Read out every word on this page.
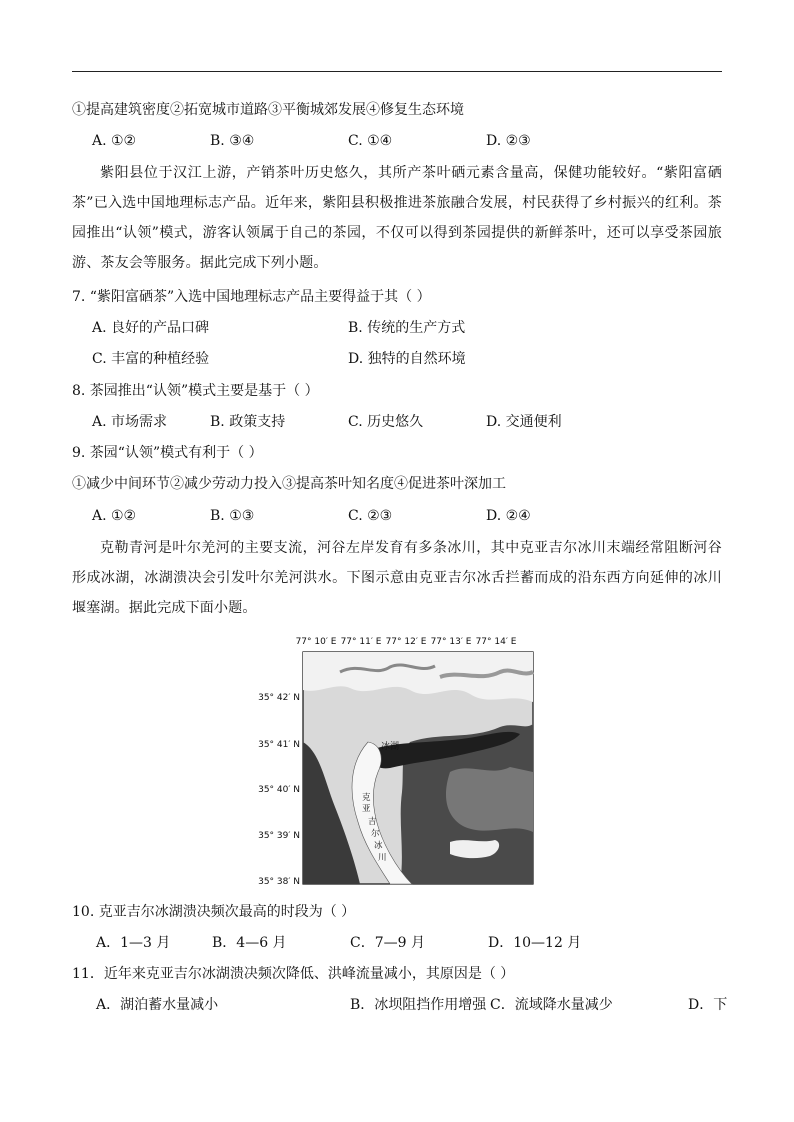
①提高建筑密度②拓宽城市道路③平衡城郊发展④修复生态环境
A. ①②	B. ③④	C. ①④	D. ②③
紫阳县位于汉江上游，产销茶叶历史悠久，其所产茶叶硒元素含量高，保健功能较好。“紫阳富硒茶”已入选中国地理标志产品。近年来，紫阳县积极推进茶旅融合发展，村民获得了乡村振兴的红利。茶园推出“认领”模式，游客认领属于自己的茶园，不仅可以得到茶园提供的新鲜茶叶，还可以享受茶园旅游、茶友会等服务。据此完成下列小题。
7. “紫阳富硒茶”入选中国地理标志产品主要得益于其（ ）
A. 良好的产品口碑	B. 传统的生产方式
C. 丰富的种植经验	D. 独特的自然环境
8. 茶园推出“认领”模式主要是基于（ ）
A. 市场需求	B. 政策支持	C. 历史悠久	D. 交通便利
9. 茶园“认领”模式有利于（ ）
①减少中间环节②减少劳动力投入③提高茶叶知名度④促进茶叶深加工
A. ①②	B. ①③	C. ②③	D. ②④
克勒青河是叶尔羌河的主要支流，河谷左岸发育有多条冰川，其中克亚吉尔冰川末端经常阻断河谷形成冰湖，冰湖溃决会引发叶尔羌河洪水。下图示意由克亚吉尔冰舌拦蓄而成的沿东西方向延伸的冰川堰塞湖。据此完成下面小题。
77° 10′ E 77° 11′ E 77° 12′ E 77° 13′ E 77° 14′ E
35° 42′ N
35° 41′ N
35° 40′ N
35° 39′ N
35° 38′ N
冰湖
克
亚
吉
尔
冰
川
10. 克亚吉尔冰湖溃决频次最高的时段为（ ）
A．1—3 月	B．4—6 月	C．7—9 月	D．10—12 月
11．近年来克亚吉尔冰湖溃决频次降低、洪峰流量减小，其原因是（ ）
A．湖泊蓄水量减小	B．冰坝阻挡作用增强 C．流域降水量减少	D．下
